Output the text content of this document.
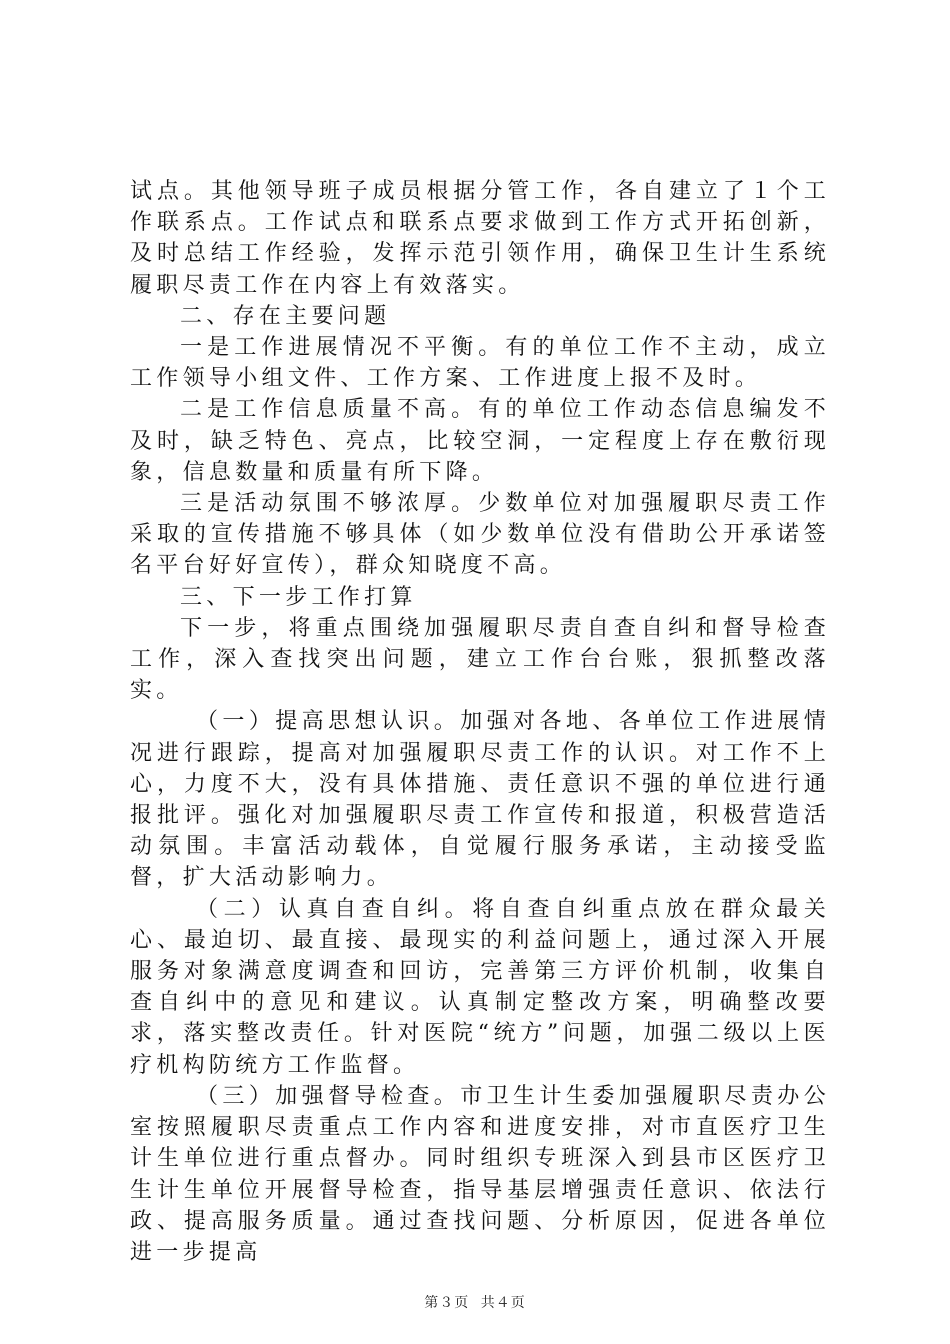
试点。其他领导班子成员根据分管工作，各自建立了１个工作联系点。工作试点和联系点要求做到工作方式开拓创新，及时总结工作经验，发挥示范引领作用，确保卫生计生系统履职尽责工作在内容上有效落实。

二、存在主要问题

一是工作进展情况不平衡。有的单位工作不主动，成立工作领导小组文件、工作方案、工作进度上报不及时。

二是工作信息质量不高。有的单位工作动态信息编发不及时，缺乏特色、亮点，比较空洞，一定程度上存在敷衍现象，信息数量和质量有所下降。

三是活动氛围不够浓厚。少数单位对加强履职尽责工作采取的宣传措施不够具体（如少数单位没有借助公开承诺签名平台好好宣传），群众知晓度不高。

三、下一步工作打算

下一步，将重点围绕加强履职尽责自查自纠和督导检查工作，深入查找突出问题，建立工作台台账，狠抓整改落实。

（一）提高思想认识。加强对各地、各单位工作进展情况进行跟踪，提高对加强履职尽责工作的认识。对工作不上心，力度不大，没有具体措施、责任意识不强的单位进行通报批评。强化对加强履职尽责工作宣传和报道，积极营造活动氛围。丰富活动载体，自觉履行服务承诺，主动接受监督，扩大活动影响力。

（二）认真自查自纠。将自查自纠重点放在群众最关心、最迫切、最直接、最现实的利益问题上，通过深入开展服务对象满意度调查和回访，完善第三方评价机制，收集自查自纠中的意见和建议。认真制定整改方案，明确整改要求，落实整改责任。针对医院“统方”问题，加强二级以上医疗机构防统方工作监督。

（三）加强督导检查。市卫生计生委加强履职尽责办公室按照履职尽责重点工作内容和进度安排，对市直医疗卫生计生单位进行重点督办。同时组织专班深入到县市区医疗卫生计生单位开展督导检查，指导基层增强责任意识、依法行政、提高服务质量。通过查找问题、分析原因，促进各单位进一步提高

第３页 共４页
